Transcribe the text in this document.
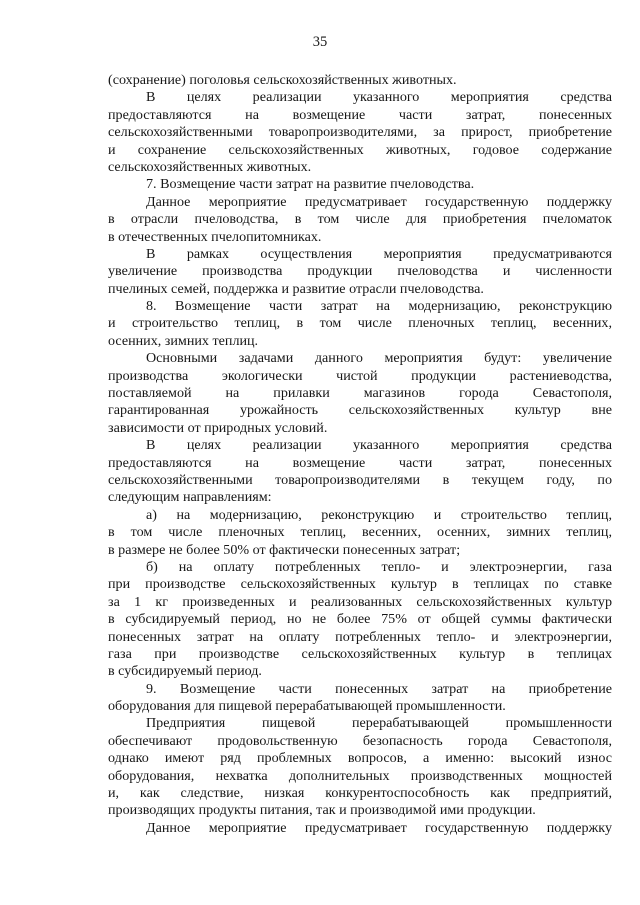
35
(сохранение) поголовья сельскохозяйственных животных.
В целях реализации указанного мероприятия средства
предоставляются на возмещение части затрат, понесенных
сельскохозяйственными товаропроизводителями, за прирост, приобретение
и сохранение сельскохозяйственных животных, годовое содержание
сельскохозяйственных животных.
7. Возмещение части затрат на развитие пчеловодства.
Данное мероприятие предусматривает государственную поддержку
в отрасли пчеловодства, в том числе для приобретения пчеломаток
в отечественных пчелопитомниках.
В рамках осуществления мероприятия предусматриваются
увеличение производства продукции пчеловодства и численности
пчелиных семей, поддержка и развитие отрасли пчеловодства.
8. Возмещение части затрат на модернизацию, реконструкцию
и строительство теплиц, в том числе пленочных теплиц, весенних,
осенних, зимних теплиц.
Основными задачами данного мероприятия будут: увеличение
производства экологически чистой продукции растениеводства,
поставляемой на прилавки магазинов города Севастополя,
гарантированная урожайность сельскохозяйственных культур вне
зависимости от природных условий.
В целях реализации указанного мероприятия средства
предоставляются на возмещение части затрат, понесенных
сельскохозяйственными товаропроизводителями в текущем году, по
следующим направлениям:
а) на модернизацию, реконструкцию и строительство теплиц,
в том числе пленочных теплиц, весенних, осенних, зимних теплиц,
в размере не более 50% от фактически понесенных затрат;
б) на оплату потребленных тепло- и электроэнергии, газа
при производстве сельскохозяйственных культур в теплицах по ставке
за 1 кг произведенных и реализованных сельскохозяйственных культур
в субсидируемый период, но не более 75% от общей суммы фактически
понесенных затрат на оплату потребленных тепло- и электроэнергии,
газа при производстве сельскохозяйственных культур в теплицах
в субсидируемый период.
9. Возмещение части понесенных затрат на приобретение
оборудования для пищевой перерабатывающей промышленности.
Предприятия пищевой перерабатывающей промышленности
обеспечивают продовольственную безопасность города Севастополя,
однако имеют ряд проблемных вопросов, а именно: высокий износ
оборудования, нехватка дополнительных производственных мощностей
и, как следствие, низкая конкурентоспособность как предприятий,
производящих продукты питания, так и производимой ими продукции.
Данное мероприятие предусматривает государственную поддержку
